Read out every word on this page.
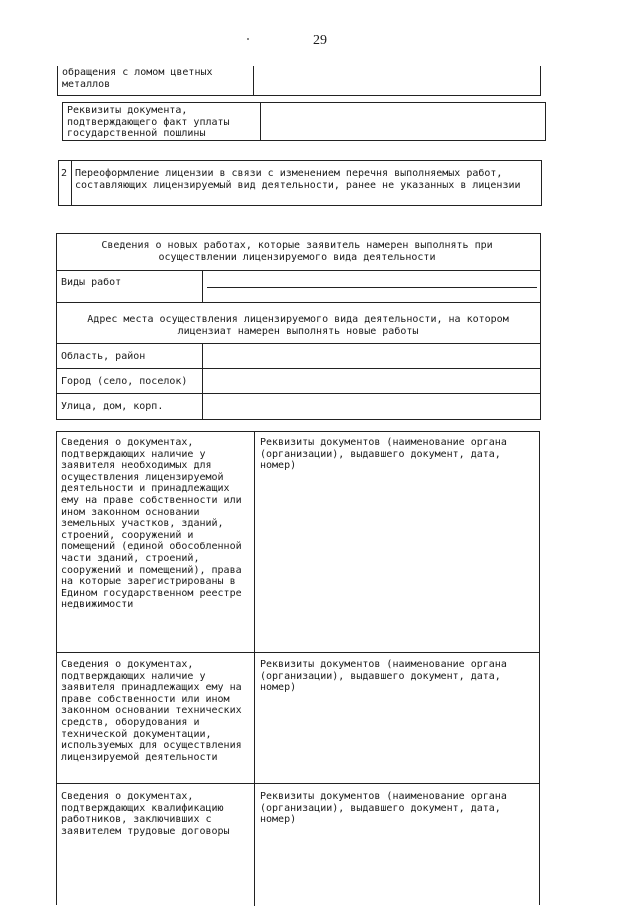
29
обращения с ломом цветных металлов
Реквизиты документа, подтверждающего факт уплаты государственной пошлины
2 Переоформление лицензии в связи с изменением перечня выполняемых работ, составляющих лицензируемый вид деятельности, ранее не указанных в лицензии
Сведения о новых работах, которые заявитель намерен выполнять при осуществлении лицензируемого вида деятельности
Виды работ
Адрес места осуществления лицензируемого вида деятельности, на котором лицензиат намерен выполнять новые работы
Область, район
Город (село, поселок)
Улица, дом, корп.
Сведения о документах, подтверждающих наличие у заявителя необходимых для осуществления лицензируемой деятельности и принадлежащих ему на праве собственности или ином законном основании земельных участков, зданий, строений, сооружений и помещений (единой обособленной части зданий, строений, сооружений и помещений), права на которые зарегистрированы в Едином государственном реестре недвижимости
Реквизиты документов (наименование органа (организации), выдавшего документ, дата, номер)
Сведения о документах, подтверждающих наличие у заявителя принадлежащих ему на праве собственности или ином законном основании технических средств, оборудования и технической документации, используемых для осуществления лицензируемой деятельности
Реквизиты документов (наименование органа (организации), выдавшего документ, дата, номер)
Сведения о документах, подтверждающих квалификацию работников, заключивших с заявителем трудовые договоры
Реквизиты документов (наименование органа (организации), выдавшего документ, дата, номер)
